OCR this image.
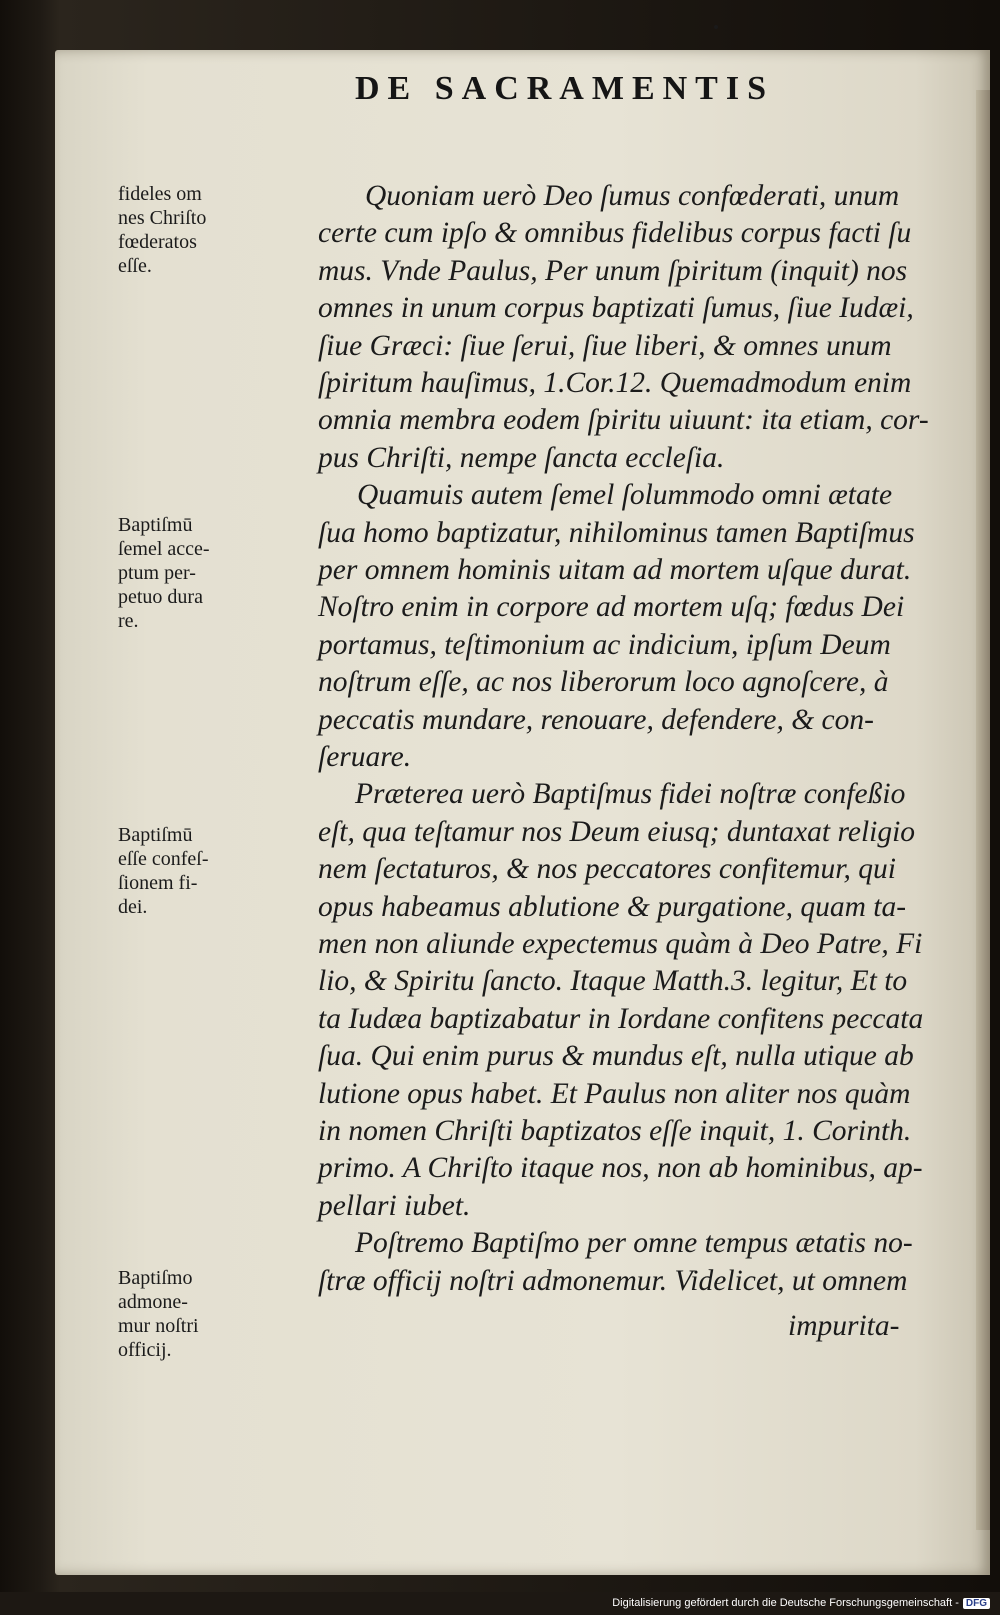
DE SACRAMENTIS
Quoniam uerò Deo ſumus confœderati, unum
certe cum ipſo & omnibus fidelibus corpus facti ſu
mus. Vnde Paulus, Per unum ſpiritum (inquit) nos
omnes in unum corpus baptizati ſumus, ſiue Iudæi,
ſiue Græci: ſiue ſerui, ſiue liberi, & omnes unum
ſpiritum hauſimus, 1.Cor.12. Quemadmodum enim
omnia membra eodem ſpiritu uiuunt: ita etiam, cor-
pus Chriſti, nempe ſancta eccleſia.
Quamuis autem ſemel ſolummodo omni ætate
ſua homo baptizatur, nihilominus tamen Baptiſmus
per omnem hominis uitam ad mortem uſque durat.
Noſtro enim in corpore ad mortem uſq; fœdus Dei
portamus, teſtimonium ac indicium, ipſum Deum
noſtrum eſſe, ac nos liberorum loco agnoſcere, à
peccatis mundare, renouare, defendere, & con-
ſeruare.
Præterea uerò Baptiſmus fidei noſtræ confeßio
eſt, qua teſtamur nos Deum eiusq; duntaxat religio
nem ſectaturos, & nos peccatores confitemur, qui
opus habeamus ablutione & purgatione, quam ta-
men non aliunde expectemus quàm à Deo Patre, Fi
lio, & Spiritu ſancto. Itaque Matth.3. legitur, Et to
ta Iudæa baptizabatur in Iordane confitens peccata
ſua. Qui enim purus & mundus eſt, nulla utique ab
lutione opus habet. Et Paulus non aliter nos quàm
in nomen Chriſti baptizatos eſſe inquit, 1. Corinth.
primo. A Chriſto itaque nos, non ab hominibus, ap-
pellari iubet.
Poſtremo Baptiſmo per omne tempus ætatis no-
ſtræ officij noſtri admonemur. Videlicet, ut omnem
fideles om
nes Chriſto
fœderatos
eſſe.
Baptiſmū
ſemel acce-
ptum per-
petuo dura
re.
Baptiſmū
eſſe confeſ-
ſionem fi-
dei.
Baptiſmo
admone-
mur noſtri
officij.
impurita-
Digitalisierung gefördert durch die Deutsche Forschungsgemeinschaft - DFG
